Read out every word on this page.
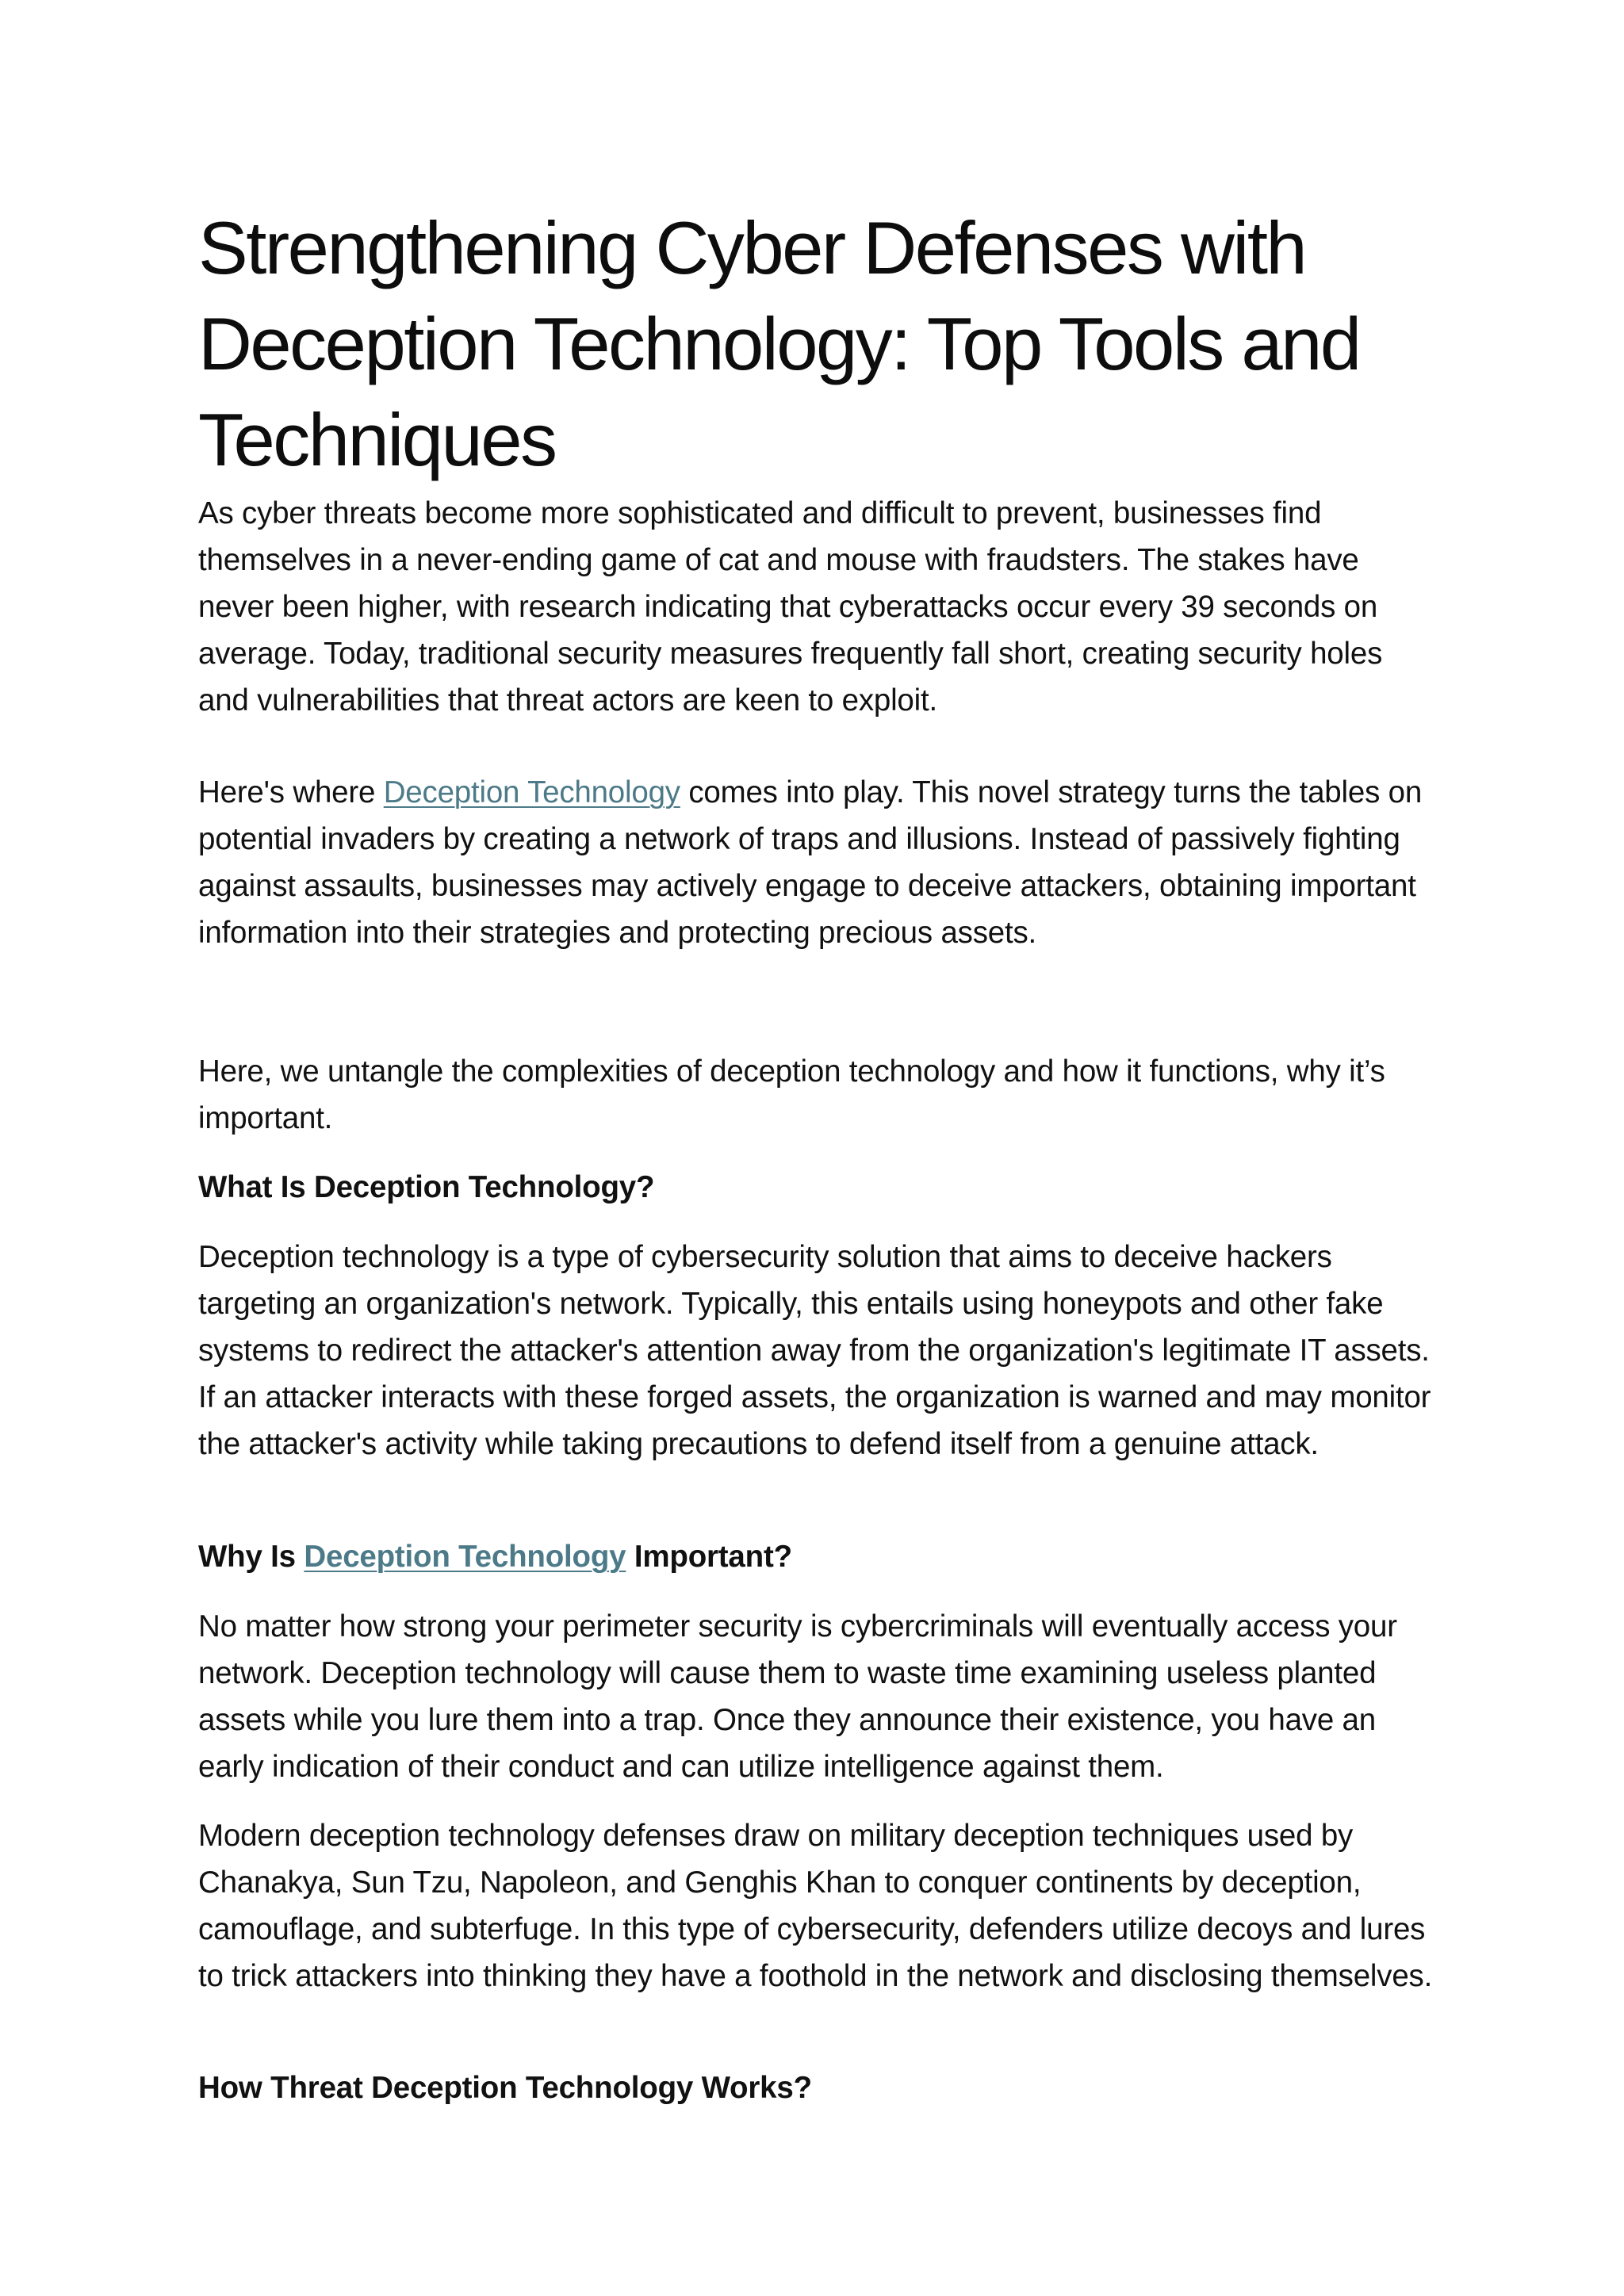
Strengthening Cyber Defenses with Deception Technology: Top Tools and Techniques

As cyber threats become more sophisticated and difficult to prevent, businesses find themselves in a never-ending game of cat and mouse with fraudsters. The stakes have never been higher, with research indicating that cyberattacks occur every 39 seconds on average. Today, traditional security measures frequently fall short, creating security holes and vulnerabilities that threat actors are keen to exploit.

Here's where Deception Technology comes into play. This novel strategy turns the tables on potential invaders by creating a network of traps and illusions. Instead of passively fighting against assaults, businesses may actively engage to deceive attackers, obtaining important information into their strategies and protecting precious assets.

Here, we untangle the complexities of deception technology and how it functions, why it’s important.

What Is Deception Technology?

Deception technology is a type of cybersecurity solution that aims to deceive hackers targeting an organization's network. Typically, this entails using honeypots and other fake systems to redirect the attacker's attention away from the organization's legitimate IT assets. If an attacker interacts with these forged assets, the organization is warned and may monitor the attacker's activity while taking precautions to defend itself from a genuine attack.

Why Is Deception Technology Important?

No matter how strong your perimeter security is cybercriminals will eventually access your network. Deception technology will cause them to waste time examining useless planted assets while you lure them into a trap. Once they announce their existence, you have an early indication of their conduct and can utilize intelligence against them.

Modern deception technology defenses draw on military deception techniques used by Chanakya, Sun Tzu, Napoleon, and Genghis Khan to conquer continents by deception, camouflage, and subterfuge. In this type of cybersecurity, defenders utilize decoys and lures to trick attackers into thinking they have a foothold in the network and disclosing themselves.

How Threat Deception Technology Works?
